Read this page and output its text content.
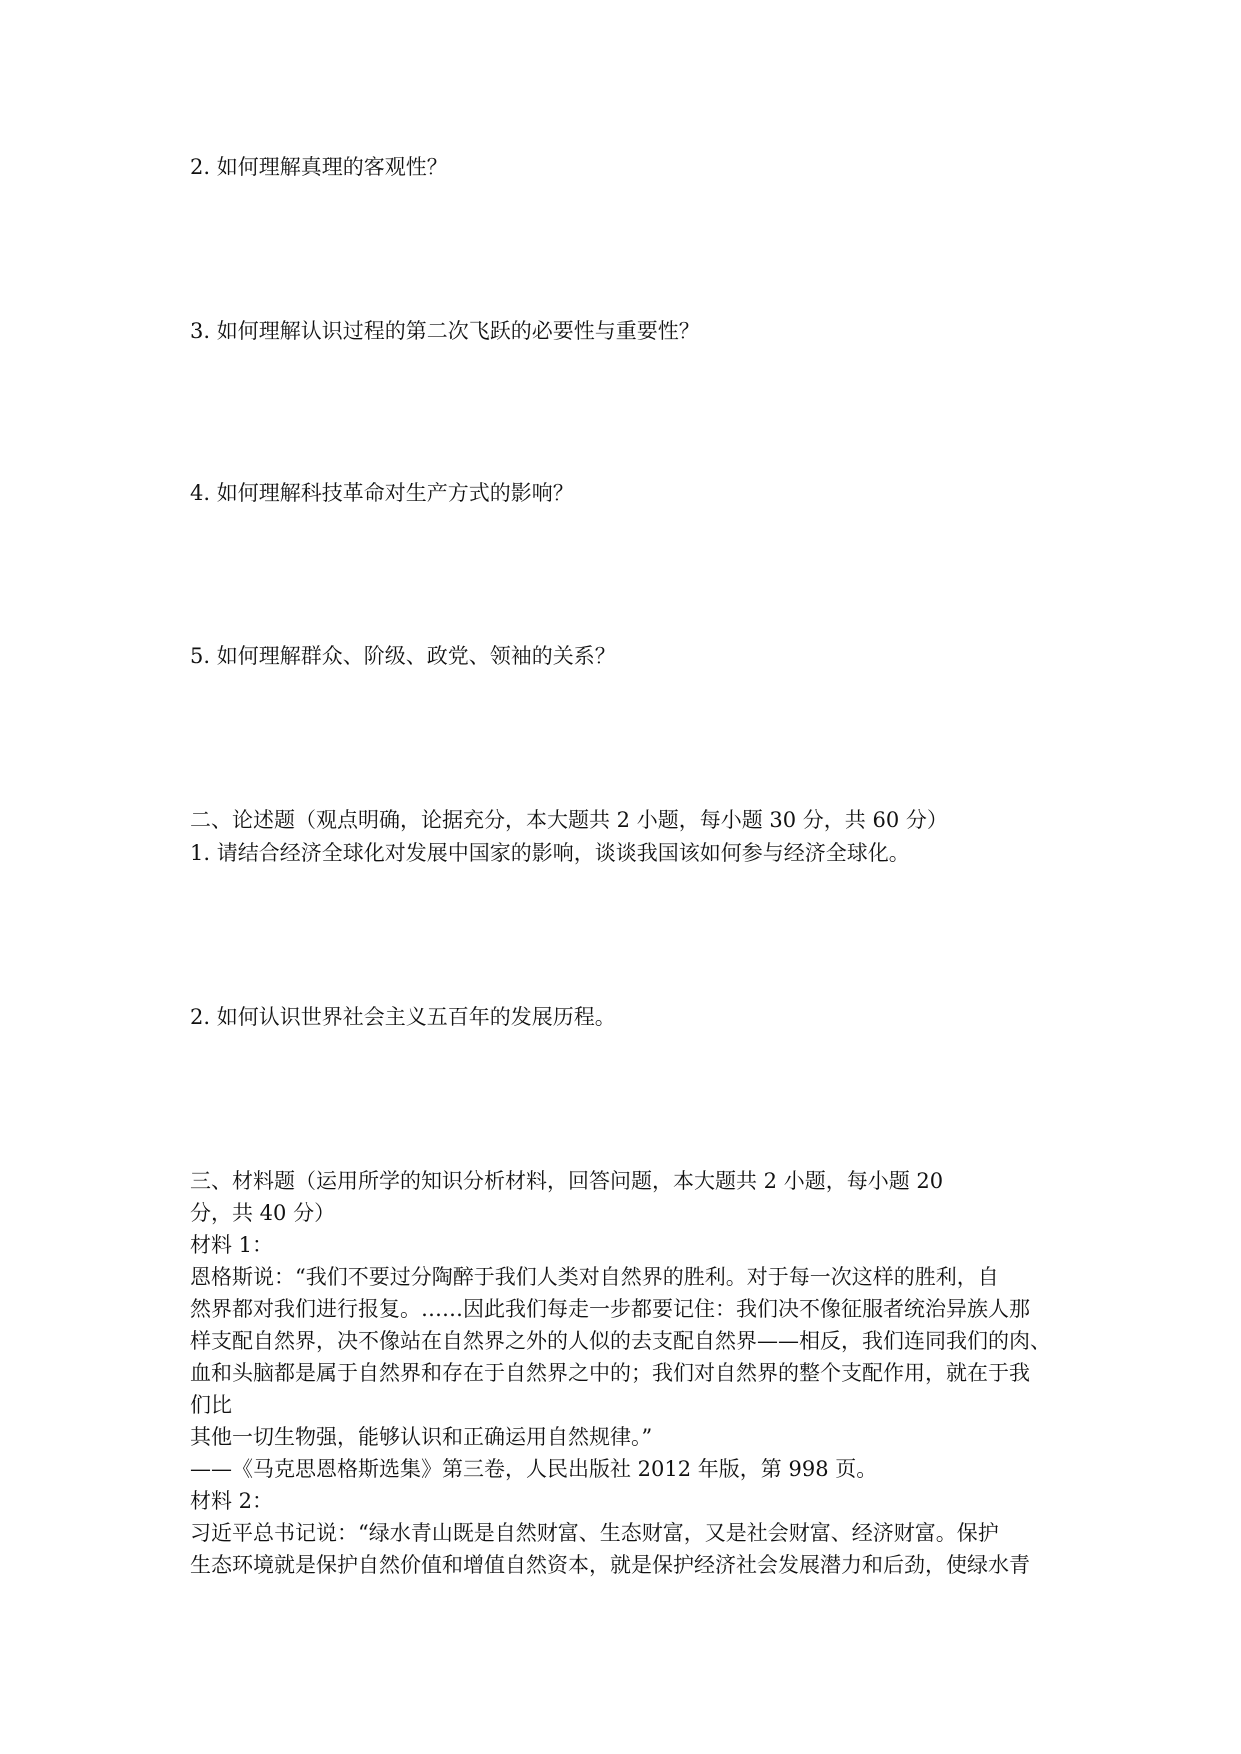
2. 如何理解真理的客观性？
3. 如何理解认识过程的第二次飞跃的必要性与重要性？
4. 如何理解科技革命对生产方式的影响？
5. 如何理解群众、阶级、政党、领袖的关系？
二、论述题（观点明确，论据充分，本大题共 2 小题，每小题 30 分，共 60 分）
1. 请结合经济全球化对发展中国家的影响，谈谈我国该如何参与经济全球化。
2. 如何认识世界社会主义五百年的发展历程。
三、材料题（运用所学的知识分析材料，回答问题，本大题共 2 小题，每小题 20
分，共 40 分）
材料 1：
恩格斯说：“我们不要过分陶醉于我们人类对自然界的胜利。对于每一次这样的胜利，自
然界都对我们进行报复。……因此我们每走一步都要记住：我们决不像征服者统治异族人那
样支配自然界，决不像站在自然界之外的人似的去支配自然界——相反，我们连同我们的肉、
血和头脑都是属于自然界和存在于自然界之中的；我们对自然界的整个支配作用，就在于我
们比
其他一切生物强，能够认识和正确运用自然规律。”
——《马克思恩格斯选集》第三卷，人民出版社 2012 年版，第 998 页。
材料 2：
习近平总书记说：“绿水青山既是自然财富、生态财富，又是社会财富、经济财富。保护
生态环境就是保护自然价值和增值自然资本，就是保护经济社会发展潜力和后劲，使绿水青
